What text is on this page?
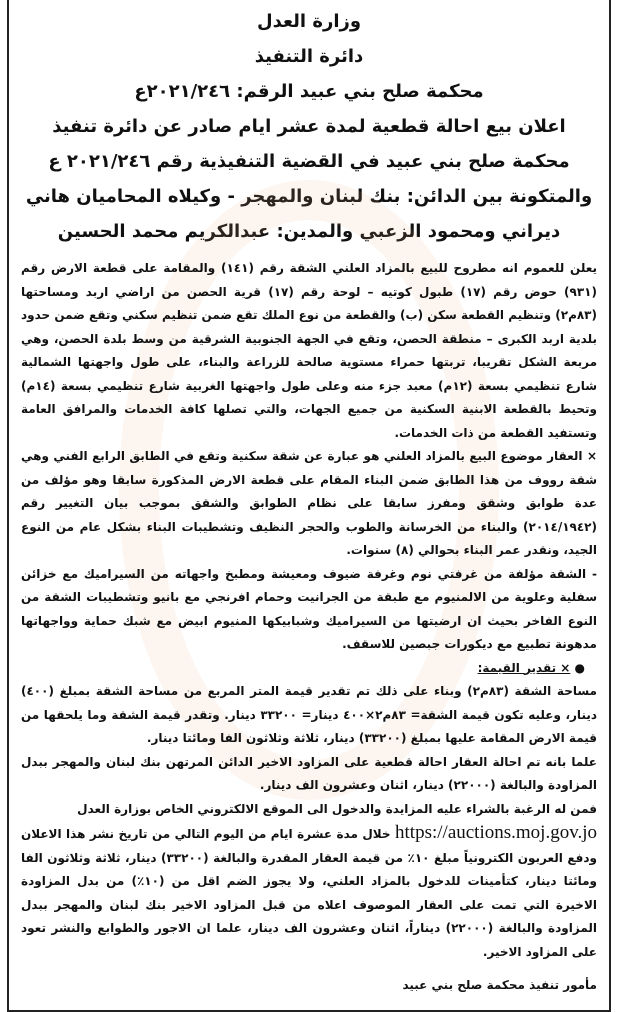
وزارة العدل
دائرة التنفيذ
محكمة صلح بني عبيد الرقم: ٢٠٢١/٢٤٦ع
اعلان بيع احالة قطعية لمدة عشر ايام صادر عن دائرة تنفيذ
محكمة صلح بني عبيد في القضية التنفيذية رقم ٢٠٢١/٢٤٦ ع
والمتكونة بين الدائن: بنك لبنان والمهجر - وكيلاه المحاميان هاني
ديراني ومحمود الزعبي والمدين: عبدالكريم محمد الحسين

يعلن للعموم انه مطروح للبيع بالمزاد العلني الشقة رقم (١٤١) والمقامة على قطعة الارض رقم (٩٣١) حوض رقم (١٧) طبول كوتيه – لوحة رقم (١٧) قرية الحصن من اراضي اربد ومساحتها (٨٣م٢) وتنظيم القطعة سكن (ب) والقطعة من نوع الملك تقع ضمن تنظيم سكني وتقع ضمن حدود بلدية اربد الكبرى – منطقة الحصن، وتقع في الجهة الجنوبية الشرقية من وسط بلدة الحصن، وهي مربعة الشكل تقريبا، تربتها حمراء مستوية صالحة للزراعة والبناء، على طول واجهتها الشمالية شارع تنظيمي بسعة (١٢م) معبد جزء منه وعلى طول واجهتها الغربية شارع تنظيمي بسعة (١٤م) وتحيط بالقطعة الابنية السكنية من جميع الجهات، والتي تصلها كافة الخدمات والمرافق العامة وتستفيد القطعة من ذات الخدمات.

× العقار موضوع البيع بالمزاد العلني هو عبارة عن شقة سكنية وتقع في الطابق الرابع الفني وهي شقة رووف من هذا الطابق ضمن البناء المقام على قطعة الارض المذكورة سابقا وهو مؤلف من عدة طوابق وشقق ومفرز سابقا على نظام الطوابق والشقق بموجب بيان التغيير رقم (٢٠١٤/١٩٤٢) والبناء من الخرسانة والطوب والحجر النظيف وتشطيبات البناء بشكل عام من النوع الجيد، ونقدر عمر البناء بحوالي (٨) سنوات.

- الشقة مؤلفة من غرفتي نوم وغرفة ضيوف ومعيشة ومطبخ واجهاته من السيراميك مع خزائن سفلية وعلوية من الالمنيوم مع طبقة من الجرانيت وحمام افرنجي مع بانيو وتشطيبات الشقة من النوع الفاخر بحيث ان ارضيتها من السيراميك وشبابيكها المنيوم ابيض مع شبك حماية وواجهاتها مدهونة تطبيع مع ديكورات جبصين للاسقف.

● × تقدير القيمة:

مساحة الشقة (٨٣م٢) وبناء على ذلك تم تقدير قيمة المتر المربع من مساحة الشقة بمبلغ (٤٠٠) دينار، وعليه تكون قيمة الشقة= ٨٣م٢×٤٠٠ دينار= ٣٣٢٠٠ دينار. وتقدر قيمة الشقة وما يلحقها من قيمة الارض المقامة عليها بمبلغ (٣٣٢٠٠) دينار، ثلاثة وثلاثون الفا ومائتا دينار.

علما بانه تم احالة العقار احالة قطعية على المزاود الاخير الدائن المرتهن بنك لبنان والمهجر ببدل المزاودة والبالغة (٢٢٠٠٠) دينار، اثنان وعشرون الف دينار.

فمن له الرغبة بالشراء عليه المزايدة والدخول الى الموقع الالكتروني الخاص بوزارة العدل
https://auctions.moj.gov.jo خلال مدة عشرة ايام من اليوم التالي من تاريخ نشر هذا الاعلان ودفع العربون الكترونياً مبلغ ١٠٪ من قيمة العقار المقدرة والبالغة (٣٣٢٠٠) دينار، ثلاثة وثلاثون الفا ومائتا دينار، كتأمينات للدخول بالمزاد العلني، ولا يجوز الضم اقل من (١٠٪) من بدل المزاودة الاخيرة التي تمت على العقار الموصوف اعلاه من قبل المزاود الاخير بنك لبنان والمهجر ببدل المزاودة والبالغة (٢٢٠٠٠) ديناراً، اثنان وعشرون الف دينار، علما ان الاجور والطوابع والنشر تعود على المزاود الاخير.

مأمور تنفيذ محكمة صلح بني عبيد
